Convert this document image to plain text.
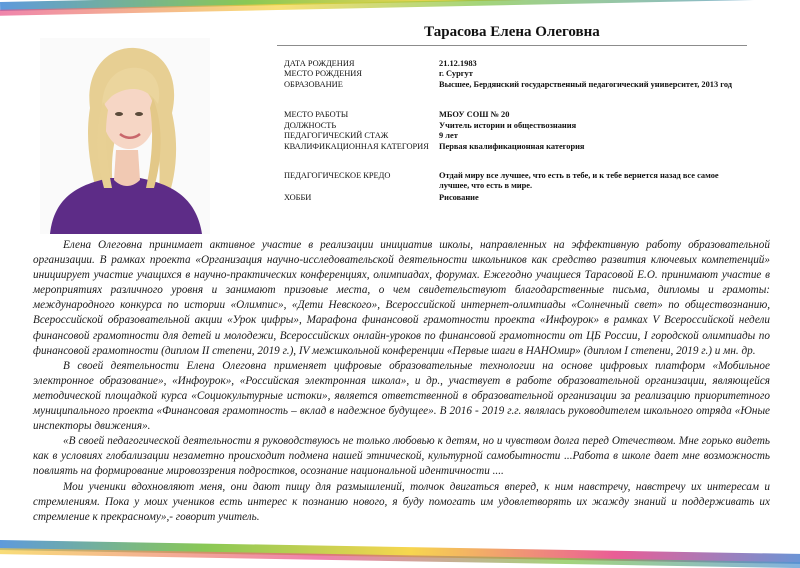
Тарасова Елена Олеговна
ДАТА РОЖДЕНИЯ	21.12.1983
МЕСТО РОЖДЕНИЯ	г. Сургут
ОБРАЗОВАНИЕ	Высшее, Бердянский государственный педагогический университет, 2013 год
МЕСТО РАБОТЫ	МБОУ СОШ № 20
ДОЛЖНОСТЬ	Учитель истории и обществознания
ПЕДАГОГИЧЕСКИЙ СТАЖ	9 лет
КВАЛИФИКАЦИОННАЯ КАТЕГОРИЯ	Первая квалификационная категория
ПЕДАГОГИЧЕСКОЕ КРЕДО	Отдай миру все лучшее, что есть в тебе, и к тебе вернется назад все самое лучшее, что есть в мире.
ХОББИ	Рисование

Елена Олеговна принимает активное участие в реализации инициатив школы, направленных на эффективную работу образовательной организации. В рамках проекта «Организация научно-исследовательской деятельности школьников как средство развития ключевых компетенций» инициирует участие учащихся в научно-практических конференциях, олимпиадах, форумах. Ежегодно учащиеся Тарасовой Е.О. принимают участие в мероприятиях различного уровня и занимают призовые места, о чем свидетельствуют благодарственные письма, дипломы и грамоты: международного конкурса по истории «Олимпис», «Дети Невского», Всероссийской интернет-олимпиады «Солнечный свет» по обществознанию, Всероссийской образовательной акции «Урок цифры», Марафона финансовой грамотности проекта «Инфоурок» в рамках V Всероссийской недели финансовой грамотности для детей и молодежи, Всероссийских онлайн-уроков по финансовой грамотности от ЦБ России, I городской олимпиады по финансовой грамотности (диплом II степени, 2019 г.), IV межшкольной конференции «Первые шаги в НАНОмир» (диплом I степени, 2019 г.) и мн. др.

В своей деятельности Елена Олеговна применяет цифровые образовательные технологии на основе цифровых платформ «Мобильное электронное образование», «Инфоурок», «Российская электронная школа», и др., участвует в работе образовательной организации, являющейся методической площадкой курса «Социокультурные истоки», является ответственной в образовательной организации за реализацию приоритетного муниципального проекта «Финансовая грамотность – вклад в надежное будущее». В 2016 - 2019 г.г. являлась руководителем школьного отряда «Юные инспекторы движения».

«В своей педагогической деятельности я руководствуюсь не только любовью к детям, но и чувством долга перед Отечеством. Мне горько видеть как в условиях глобализации незаметно происходит подмена нашей этнической, культурной самобытности ...Работа в школе дает мне возможность повлиять на формирование мировоззрения подростков, осознание национальной идентичности ....

Мои ученики вдохновляют меня, они дают пищу для размышлений, толчок двигаться вперед, к ним навстречу, навстречу их интересам и стремлениям. Пока у моих учеников есть интерес к познанию нового, я буду помогать им удовлетворять их жажду знаний и поддерживать их стремление к прекрасному»,- говорит учитель.
